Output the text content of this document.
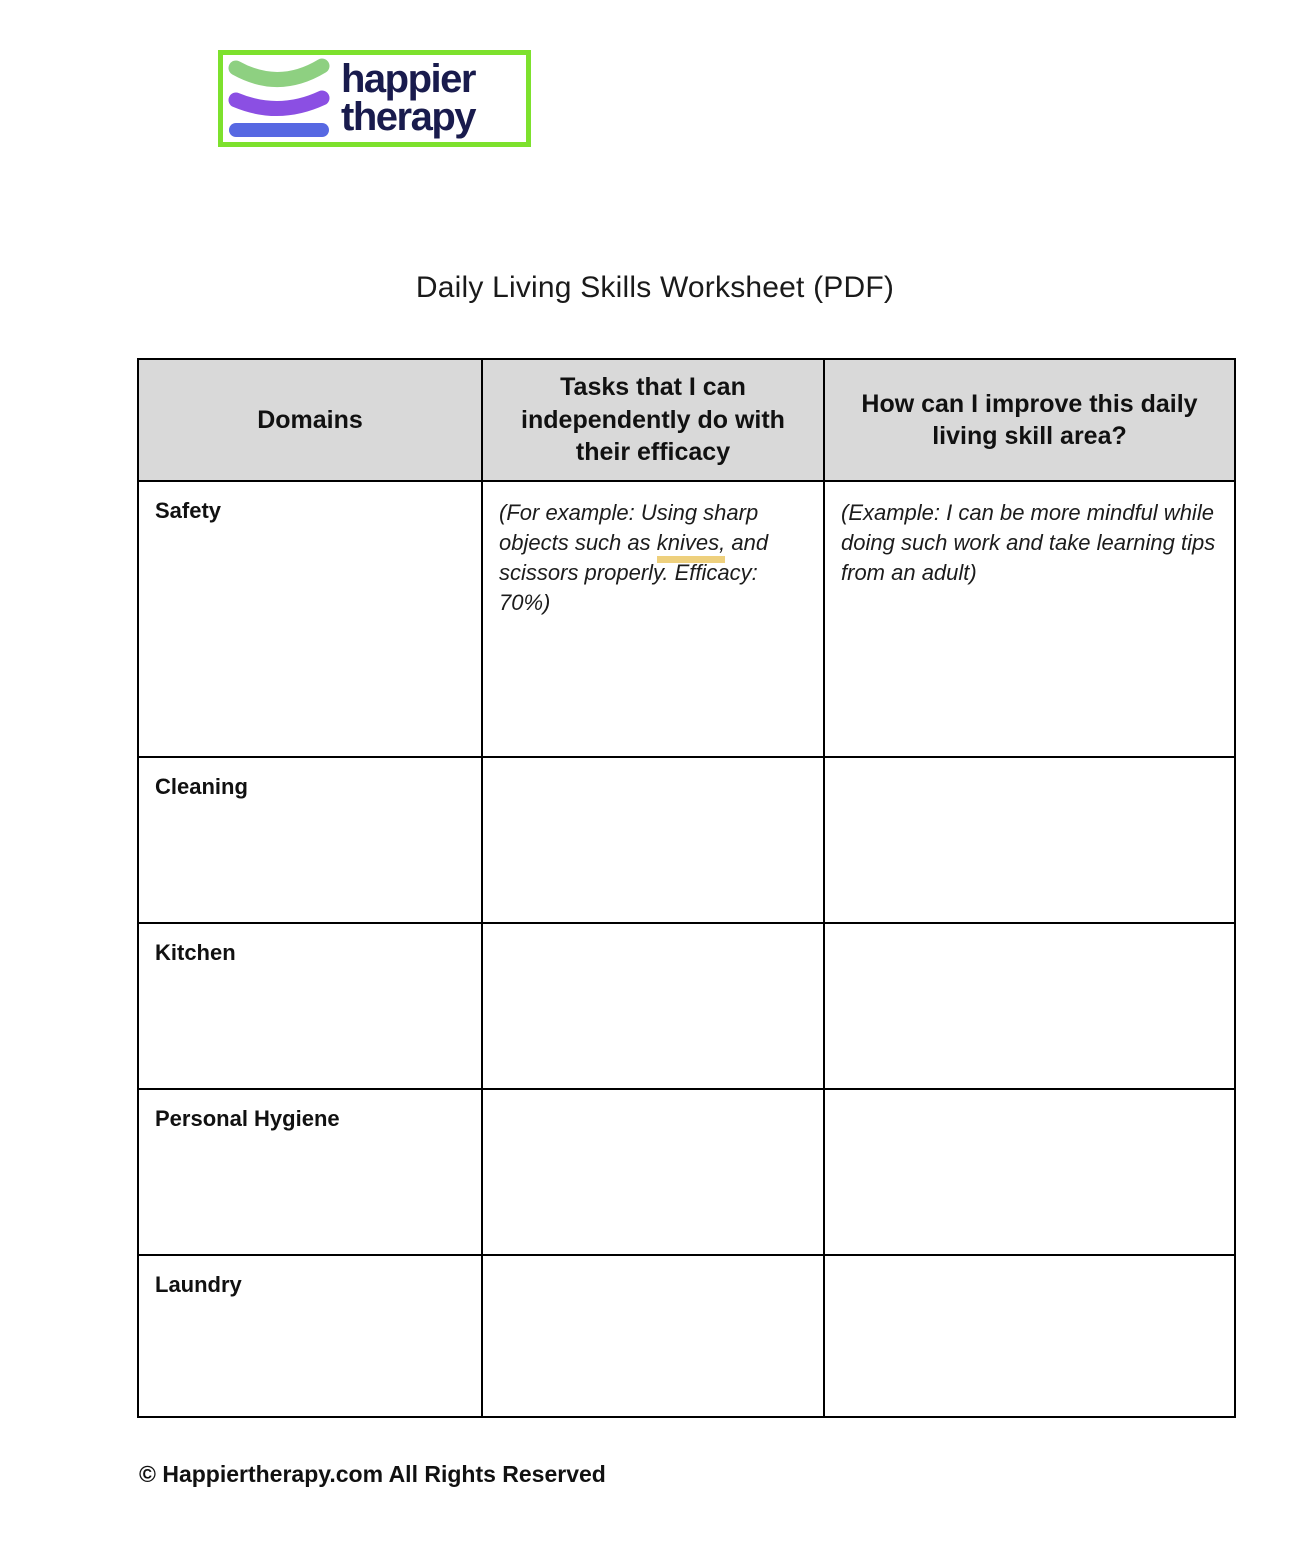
happier
therapy
Daily Living Skills Worksheet (PDF)
Domains	Tasks that I can independently do with their efficacy	How can I improve this daily living skill area?
Safety	(For example: Using sharp objects such as knives, and scissors properly. Efficacy: 70%)	(Example: I can be more mindful while doing such work and take learning tips from an adult)
Cleaning		
Kitchen		
Personal Hygiene		
Laundry		
© Happiertherapy.com All Rights Reserved
